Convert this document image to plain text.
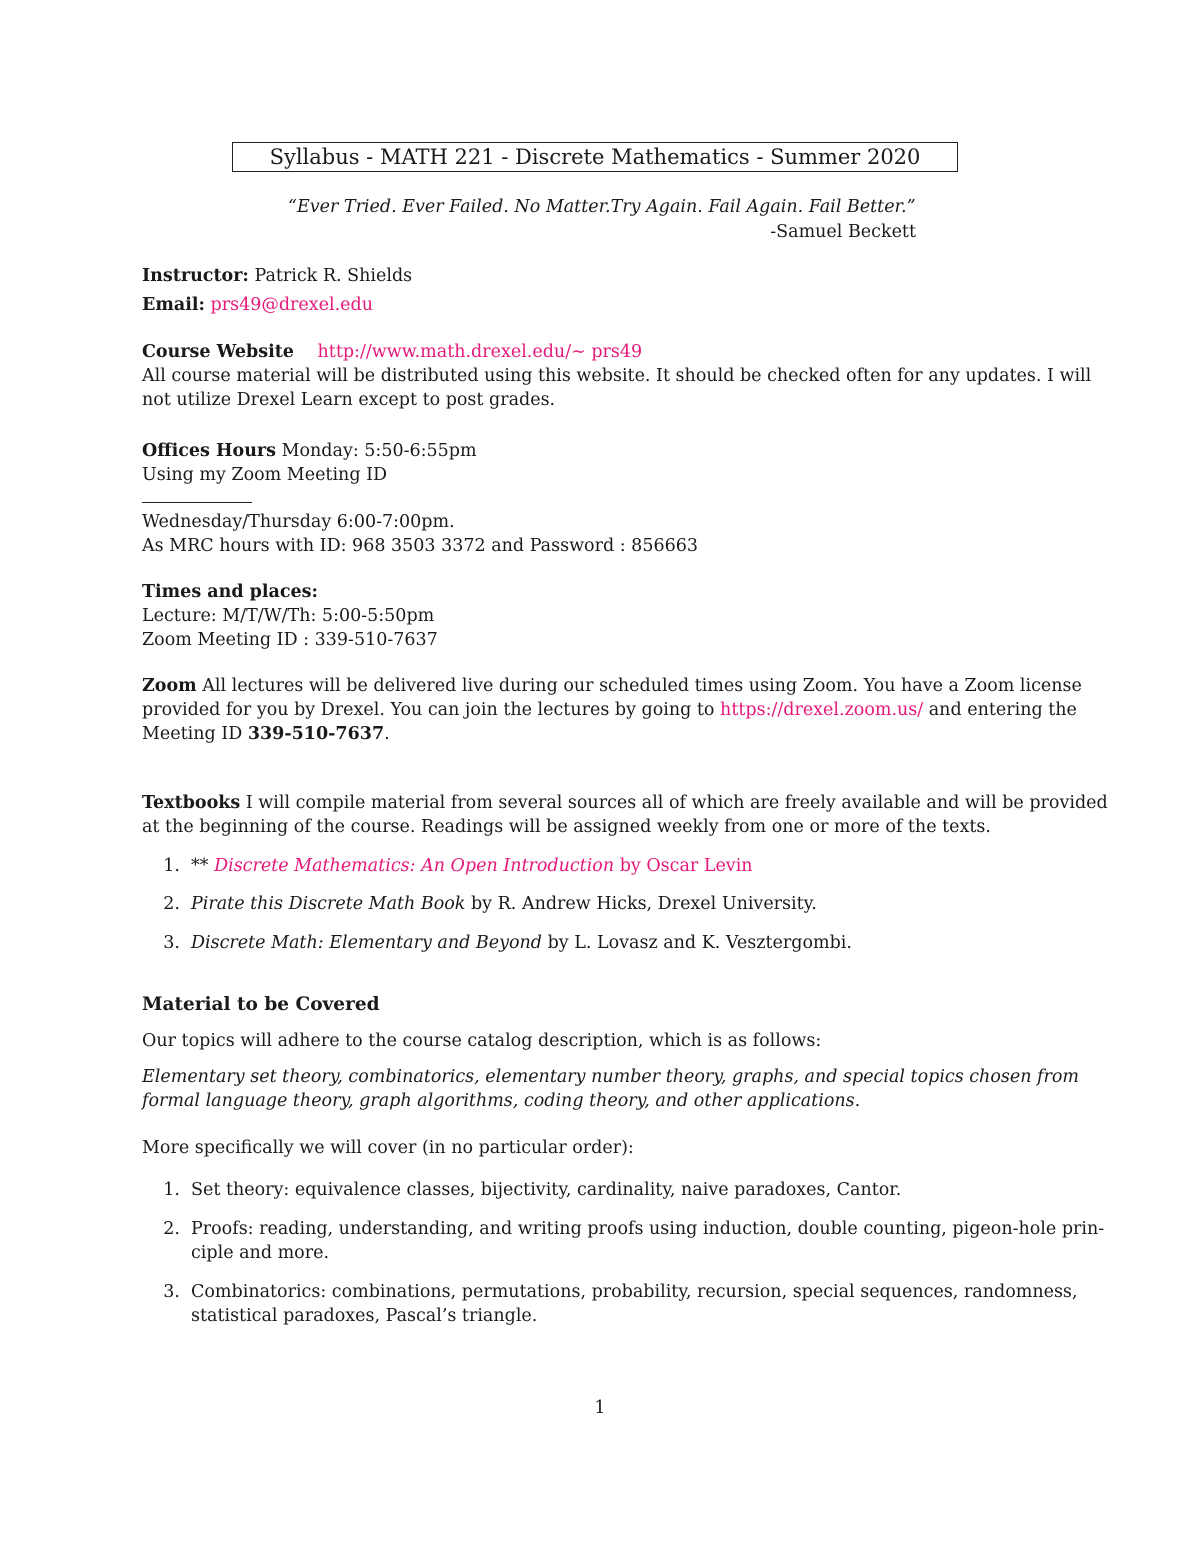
Syllabus - MATH 221 - Discrete Mathematics - Summer 2020
“Ever Tried. Ever Failed. No Matter.Try Again. Fail Again. Fail Better.”
-Samuel Beckett
Instructor: Patrick R. Shields
Email: prs49@drexel.edu
Course Website http://www.math.drexel.edu/∼ prs49
All course material will be distributed using this website. It should be checked often for any updates. I will
not utilize Drexel Learn except to post grades.
Offices Hours Monday: 5:50-6:55pm
Using my Zoom Meeting ID
Wednesday/Thursday 6:00-7:00pm.
As MRC hours with ID: 968 3503 3372 and Password : 856663
Times and places:
Lecture: M/T/W/Th: 5:00-5:50pm
Zoom Meeting ID : 339-510-7637
Zoom All lectures will be delivered live during our scheduled times using Zoom. You have a Zoom license
provided for you by Drexel. You can join the lectures by going to https://drexel.zoom.us/ and entering the
Meeting ID 339-510-7637.
Textbooks I will compile material from several sources all of which are freely available and will be provided
at the beginning of the course. Readings will be assigned weekly from one or more of the texts.
1. ** Discrete Mathematics: An Open Introduction by Oscar Levin
2. Pirate this Discrete Math Book by R. Andrew Hicks, Drexel University.
3. Discrete Math: Elementary and Beyond by L. Lovasz and K. Vesztergombi.
Material to be Covered
Our topics will adhere to the course catalog description, which is as follows:
Elementary set theory, combinatorics, elementary number theory, graphs, and special topics chosen from
formal language theory, graph algorithms, coding theory, and other applications.
More specifically we will cover (in no particular order):
1. Set theory: equivalence classes, bijectivity, cardinality, naive paradoxes, Cantor.
2. Proofs: reading, understanding, and writing proofs using induction, double counting, pigeon-hole prin-
ciple and more.
3. Combinatorics: combinations, permutations, probability, recursion, special sequences, randomness,
statistical paradoxes, Pascal’s triangle.
1
